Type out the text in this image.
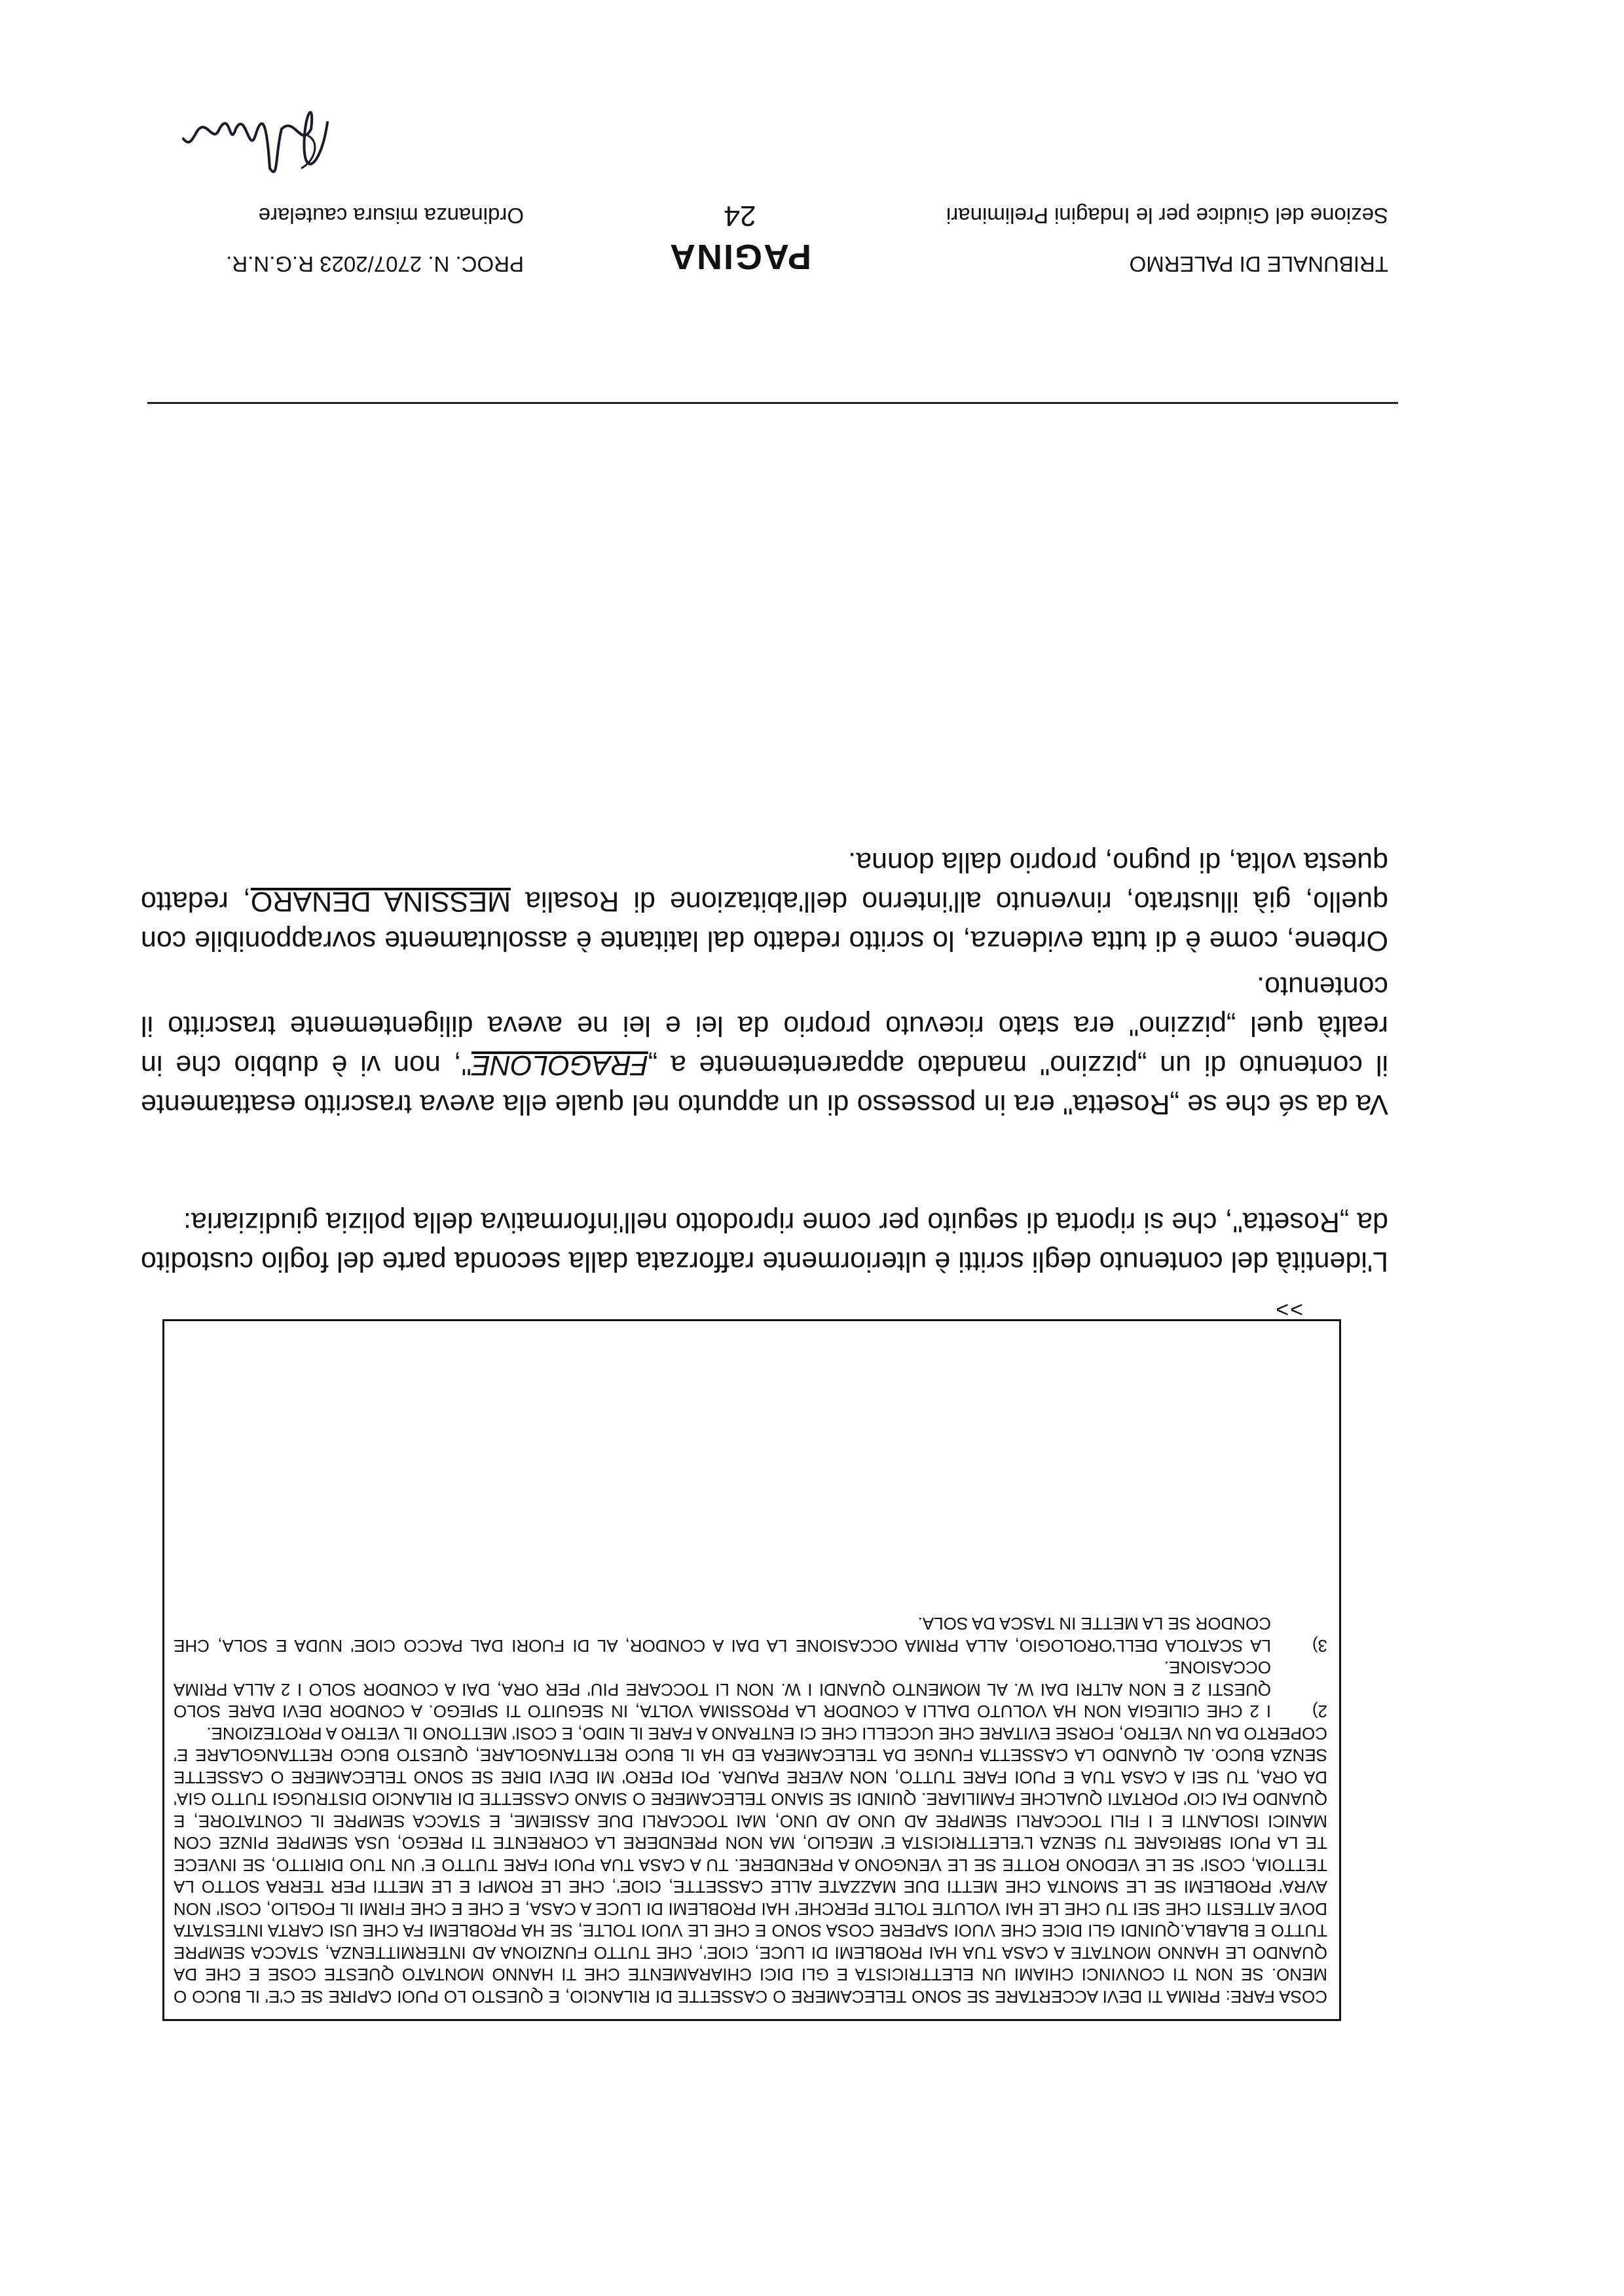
TRIBUNALE DI PALERMO
Sezione del Giudice per le Indagini Preliminari
PAGINA
24
PROC. N. 2707/2023 R.G.N.R.
Ordinanza misura cautelare
L'identità del contenuto degli scritti è ulteriormente rafforzata dalla seconda parte del foglio custodito da „Rosetta", che si riporta di seguito per come riprodotto nell'informativa della polizia giudiziaria:
Va da sé che se „Rosetta" era in possesso di un appunto nel quale ella aveva trascritto esattamente il contenuto di un „pizzino" mandato apparentemente a „FRAGOLONE", non vi è dubbio che in realtà quel „pizzino" era stato ricevuto proprio da lei e lei ne aveva diligentemente trascritto il contenuto.
Orbene, come è di tutta evidenza, lo scritto redatto dal latitante è assolutamente sovrapponibile con quello, già illustrato, rinvenuto all'interno dell'abitazione di Rosalia MESSINA DENARO, redatto questa volta, di pugno, proprio dalla donna.
>>
COSA FARE: PRIMA TI DEVI ACCERTARE SE SONO TELECAMERE O CASSETTE DI RILANCIO, E QUESTO LO PUOI CAPIRE SE C'E' IL BUCO O MENO. SE NON TI CONVINCI CHIAMI UN ELETTRICISTA E GLI DICI CHIARAMENTE CHE TI HANNO MONTATO QUESTE COSE E CHE DA QUANDO LE HANNO MONTATE A CASA TUA HAI PROBLEMI DI LUCE, CIOE', CHE TUTTO FUNZIONA AD INTERMITTENZA, STACCA SEMPRE TUTTO E BLABLA.QUINDI GLI DICE CHE VUOI SAPERE COSA SONO E CHE LE VUOI TOLTE, SE HA PROBLEMI FA CHE USI CARTA INTESTATA DOVE ATTESTI CHE SEI TU CHE LE HAI VOLUTE TOLTE PERCHE' HAI PROBLEMI DI LUCE A CASA, E CHE E CHE FIRMI IL FOGLIO, COSI' NON AVRA' PROBLEMI SE LE SMONTA CHE METTI DUE MAZZATE ALLE CASSETTE, CIOE', CHE LE ROMPI E LE METTI PER TERRA SOTTO LA TETTOIA, COSI' SE LE VEDONO ROTTE SE LE VENGONO A PRENDERE. TU A CASA TUA PUOI FARE TUTTO E' UN TUO DIRITTO, SE INVECE TE LA PUOI SBRIGARE TU SENZA L'ELETTRICISTA E' MEGLIO, MA NON PRENDERE LA CORRENTE TI PREGO, USA SEMPRE PINZE CON MANICI ISOLANTI E I FILI TOCCARLI SEMPRE AD UNO AD UNO, MAI TOCCARLI DUE ASSIEME, E STACCA SEMPRE IL CONTATORE, E QUANDO FAI CIO' PORTATI QUALCHE FAMILIARE. QUINDI SE SIANO TELECAMERE O SIANO CASSETTE DI RILANCIO DISTRUGGI TUTTO GIA' DA ORA, TU SEI A CASA TUA E PUOI FARE TUTTO, NON AVERE PAURA. POI PERO' MI DEVI DIRE SE SONO TELECAMERE O CASSETTE SENZA BUCO. AL QUANDO LA CASSETTA FUNGE DA TELECAMERA ED HA IL BUCO RETTANGOLARE, QUESTO BUCO RETTANGOLARE E' COPERTO DA UN VETRO, FORSE EVITARE CHE UCCELLI CHE CI ENTRANO A FARE IL NIDO, E COSI' METTONO IL VETRO A PROTEZIONE.
2)
I 2 CHE CILIEGIA NON HA VOLUTO DALLI A CONDOR LA PROSSIMA VOLTA, IN SEGUITO TI SPIEGO. A CONDOR DEVI DARE SOLO QUESTI 2 E NON ALTRI DAI W. AL MOMENTO QUANDI I W. NON LI TOCCARE PIU' PER ORA, DAI A CONDOR SOLO I 2 ALLA PRIMA OCCASIONE.
3)
LA SCATOLA DELL'OROLOGIO, ALLA PRIMA OCCASIONE LA DAI A CONDOR, AL DI FUORI DAL PACCO CIOE' NUDA E SOLA, CHE CONDOR SE LA METTE IN TASCA DA SOLA.
